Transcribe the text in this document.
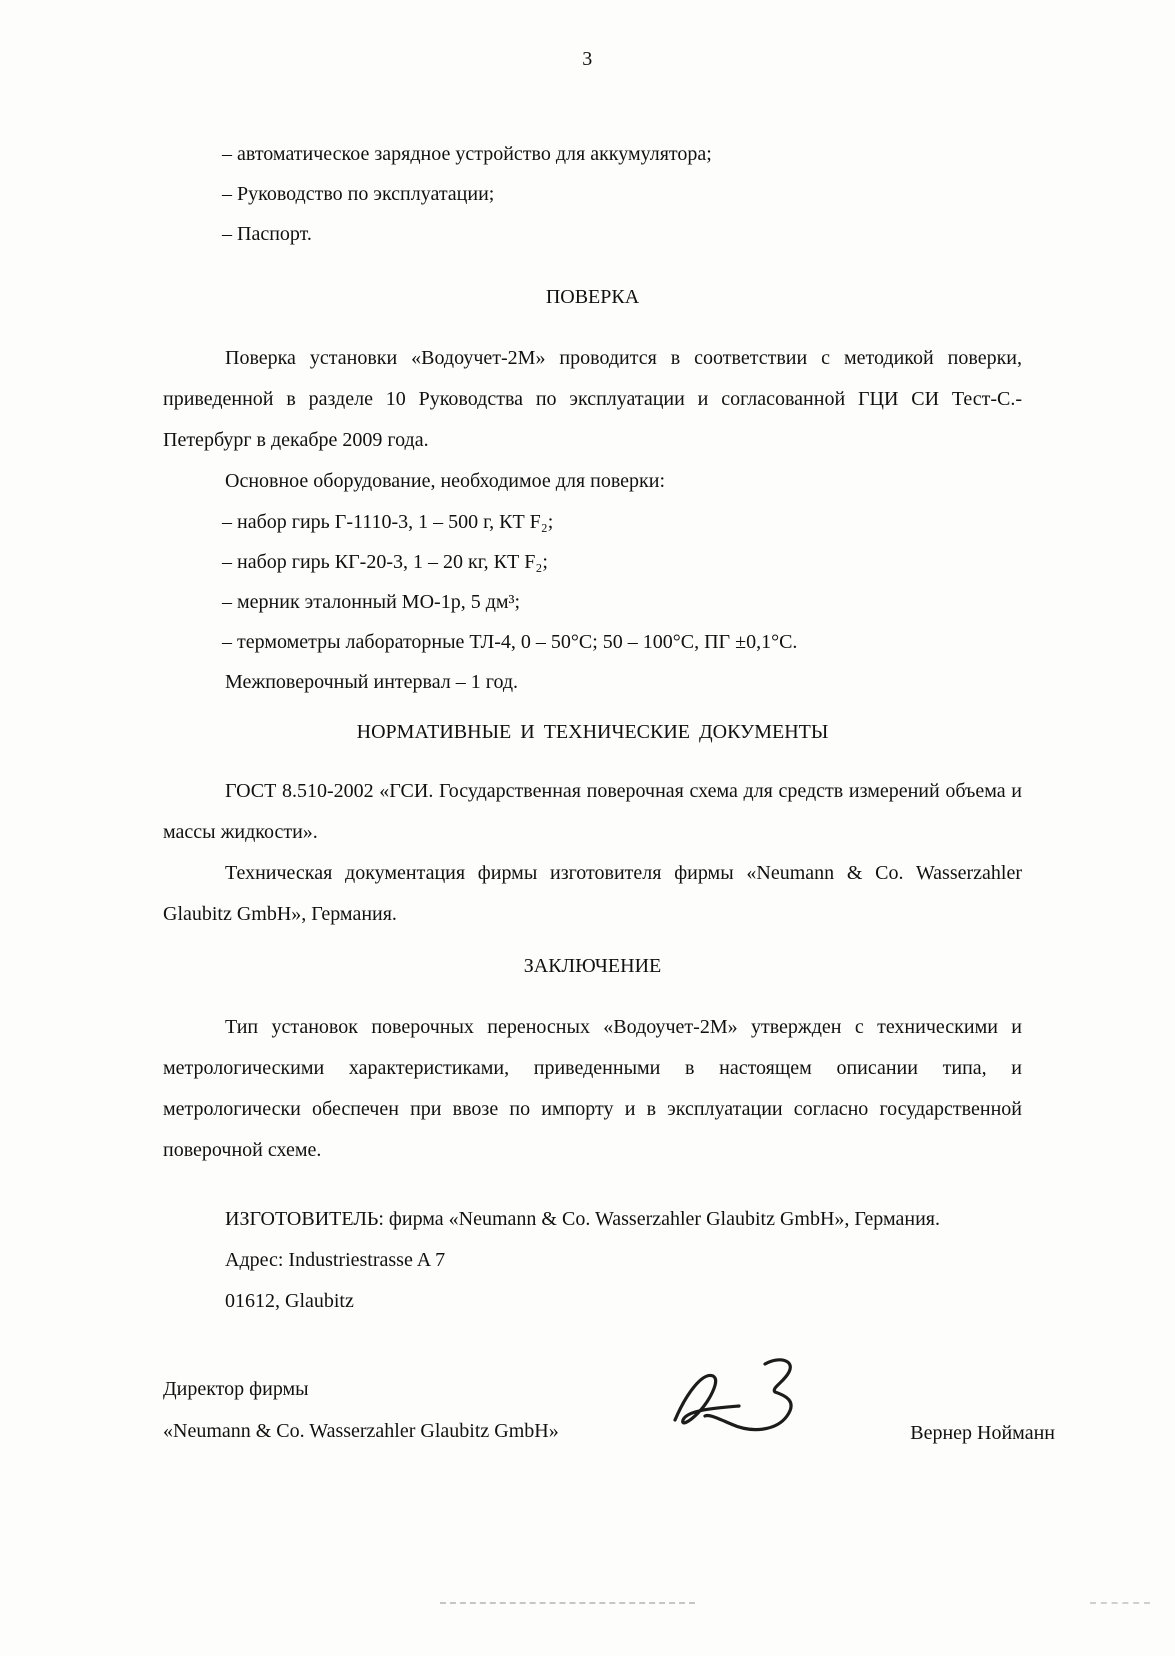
3

– автоматическое зарядное устройство для аккумулятора;

– Руководство по эксплуатации;

– Паспорт.

ПОВЕРКА

Поверка установки «Водоучет-2М» проводится в соответствии с методикой поверки, приведенной в разделе 10 Руководства по эксплуатации и согласованной ГЦИ СИ Тест-С.-Петербург в декабре 2009 года.

Основное оборудование, необходимое для поверки:

– набор гирь Г-1110-3, 1 – 500 г, КТ F₂;

– набор гирь КГ-20-3, 1 – 20 кг, КТ F₂;

– мерник эталонный МО-1р, 5 дм³;

– термометры лабораторные ТЛ-4, 0 – 50°С; 50 – 100°С, ПГ ±0,1°С.

Межповерочный интервал – 1 год.

НОРМАТИВНЫЕ И ТЕХНИЧЕСКИЕ ДОКУМЕНТЫ

ГОСТ 8.510-2002 «ГСИ. Государственная поверочная схема для средств измерений объема и массы жидкости».

Техническая документация фирмы изготовителя фирмы «Neumann & Co. Wasserzahler Glaubitz GmbH», Германия.

ЗАКЛЮЧЕНИЕ

Тип установок поверочных переносных «Водоучет-2М» утвержден с техническими и метрологическими характеристиками, приведенными в настоящем описании типа, и метрологически обеспечен при ввозе по импорту и в эксплуатации согласно государственной поверочной схеме.

ИЗГОТОВИТЕЛЬ: фирма «Neumann & Co. Wasserzahler Glaubitz GmbH», Германия.

Адрес: Industriestrasse A 7

01612, Glaubitz

Директор фирмы

«Neumann & Co. Wasserzahler Glaubitz GmbH»	Вернер Нойманн
